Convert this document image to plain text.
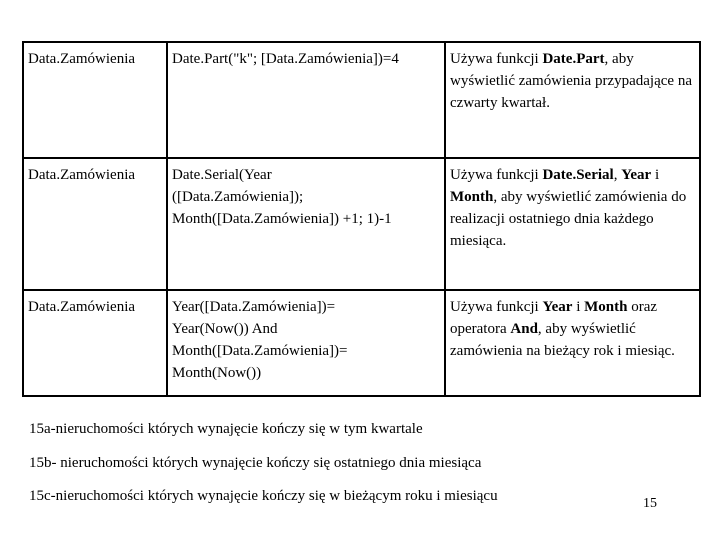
Data.Zamówienia	Date.Part("k"; [Data.Zamówienia])=4	Używa funkcji Date.Part, aby wyświetlić zamówienia przypadające na czwarty kwartał.

Data.Zamówienia	Date.Serial(Year
([Data.Zamówienia]);
Month([Data.Zamówienia]) +1; 1)-1	Używa funkcji Date.Serial, Year i Month, aby wyświetlić zamówienia do realizacji ostatniego dnia każdego miesiąca.

Data.Zamówienia	Year([Data.Zamówienia])=
Year(Now()) And
Month([Data.Zamówienia])=
Month(Now())	Używa funkcji Year i Month oraz operatora And, aby wyświetlić zamówienia na bieżący rok i miesiąc.
15a-nieruchomości których wynajęcie kończy się w tym kwartale
15b- nieruchomości których wynajęcie kończy się ostatniego dnia miesiąca
15c-nieruchomości których wynajęcie kończy się w bieżącym roku i miesiącu	15
